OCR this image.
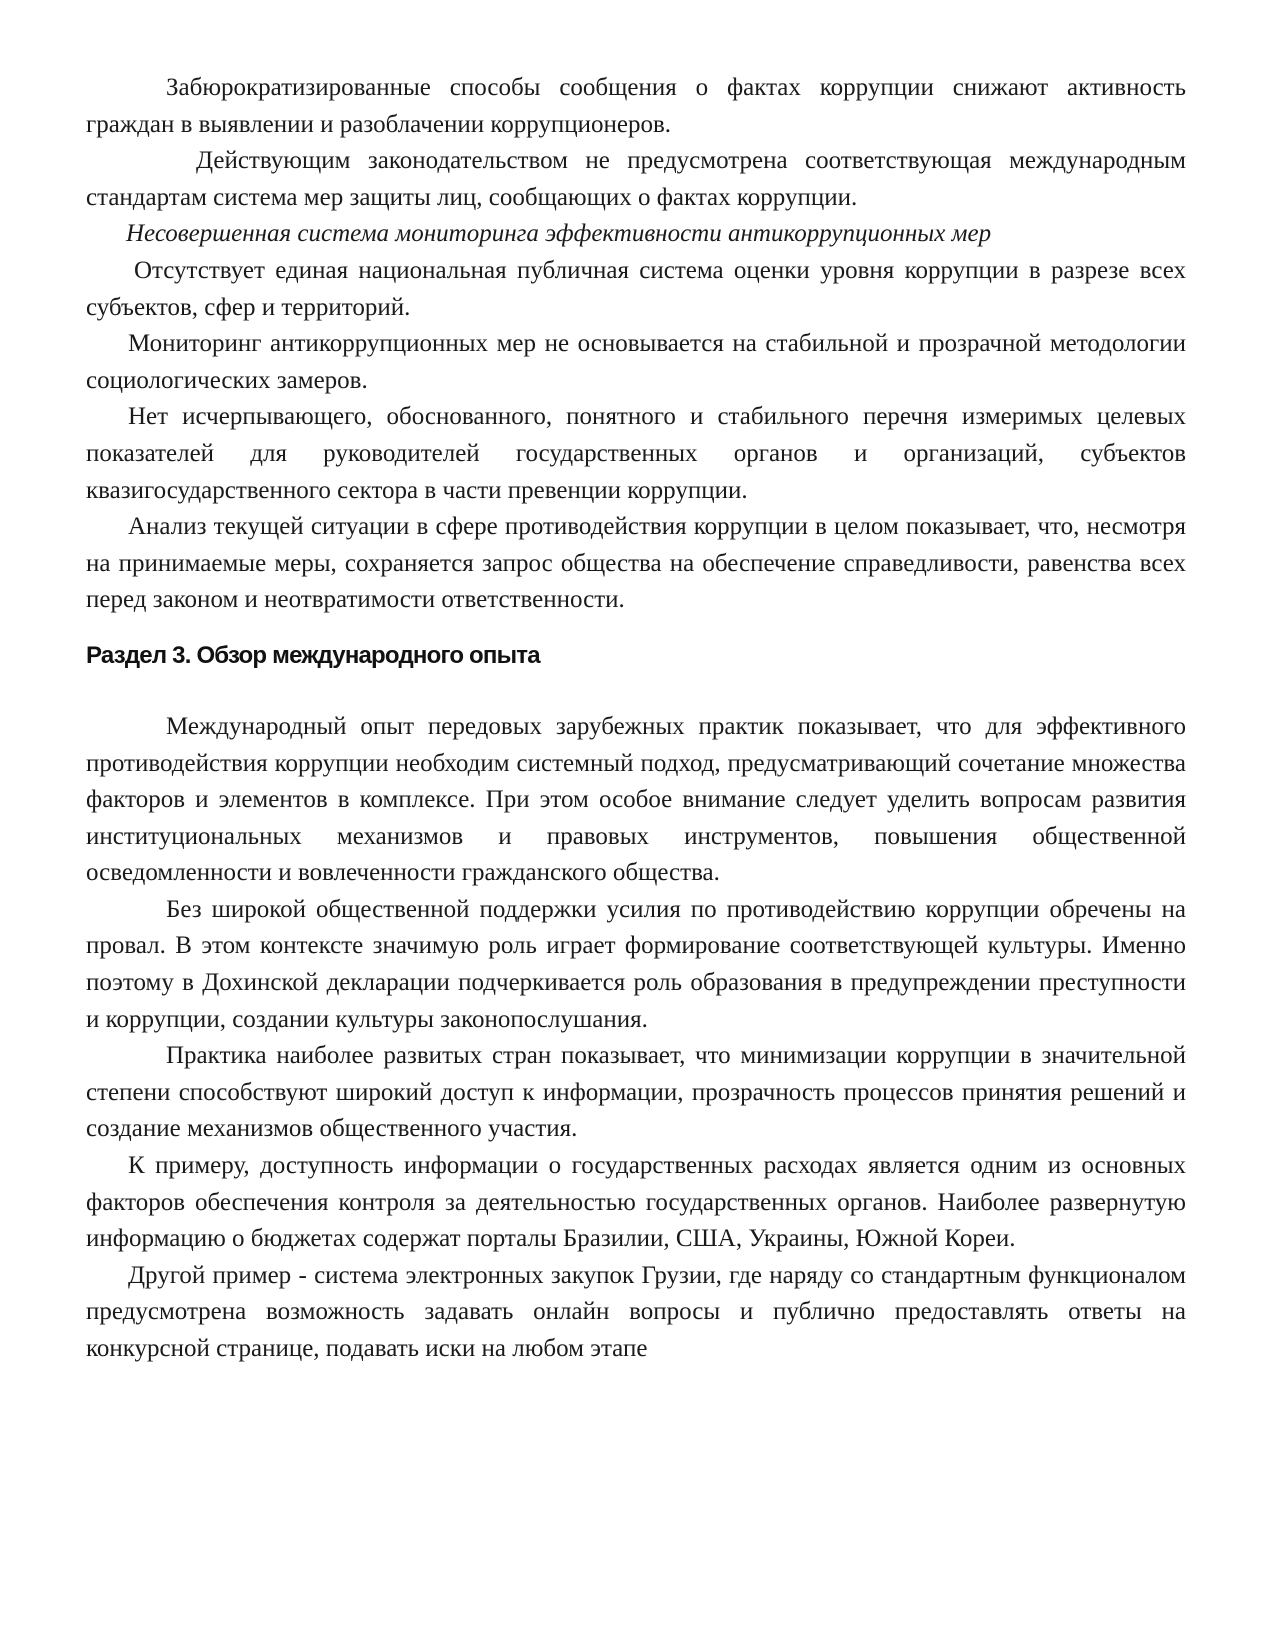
Забюрократизированные способы сообщения о фактах коррупции снижают активность граждан в выявлении и разоблачении коррупционеров.

Действующим законодательством не предусмотрена соответствующая международным стандартам система мер защиты лиц, сообщающих о фактах коррупции.

Несовершенная система мониторинга эффективности антикоррупционных мер

Отсутствует единая национальная публичная система оценки уровня коррупции в разрезе всех субъектов, сфер и территорий.

Мониторинг антикоррупционных мер не основывается на стабильной и прозрачной методологии социологических замеров.

Нет исчерпывающего, обоснованного, понятного и стабильного перечня измеримых целевых показателей для руководителей государственных органов и организаций, субъектов квазигосударственного сектора в части превенции коррупции.

Анализ текущей ситуации в сфере противодействия коррупции в целом показывает, что, несмотря на принимаемые меры, сохраняется запрос общества на обеспечение справедливости, равенства всех перед законом и неотвратимости ответственности.

Раздел 3. Обзор международного опыта

Международный опыт передовых зарубежных практик показывает, что для эффективного противодействия коррупции необходим системный подход, предусматривающий сочетание множества факторов и элементов в комплексе. При этом особое внимание следует уделить вопросам развития институциональных механизмов и правовых инструментов, повышения общественной осведомленности и вовлеченности гражданского общества.

Без широкой общественной поддержки усилия по противодействию коррупции обречены на провал. В этом контексте значимую роль играет формирование соответствующей культуры. Именно поэтому в Дохинской декларации подчеркивается роль образования в предупреждении преступности и коррупции, создании культуры законопослушания.

Практика наиболее развитых стран показывает, что минимизации коррупции в значительной степени способствуют широкий доступ к информации, прозрачность процессов принятия решений и создание механизмов общественного участия.

К примеру, доступность информации о государственных расходах является одним из основных факторов обеспечения контроля за деятельностью государственных органов. Наиболее развернутую информацию о бюджетах содержат порталы Бразилии, США, Украины, Южной Кореи.

Другой пример - система электронных закупок Грузии, где наряду со стандартным функционалом предусмотрена возможность задавать онлайн вопросы и публично предоставлять ответы на конкурсной странице, подавать иски на любом этапе
